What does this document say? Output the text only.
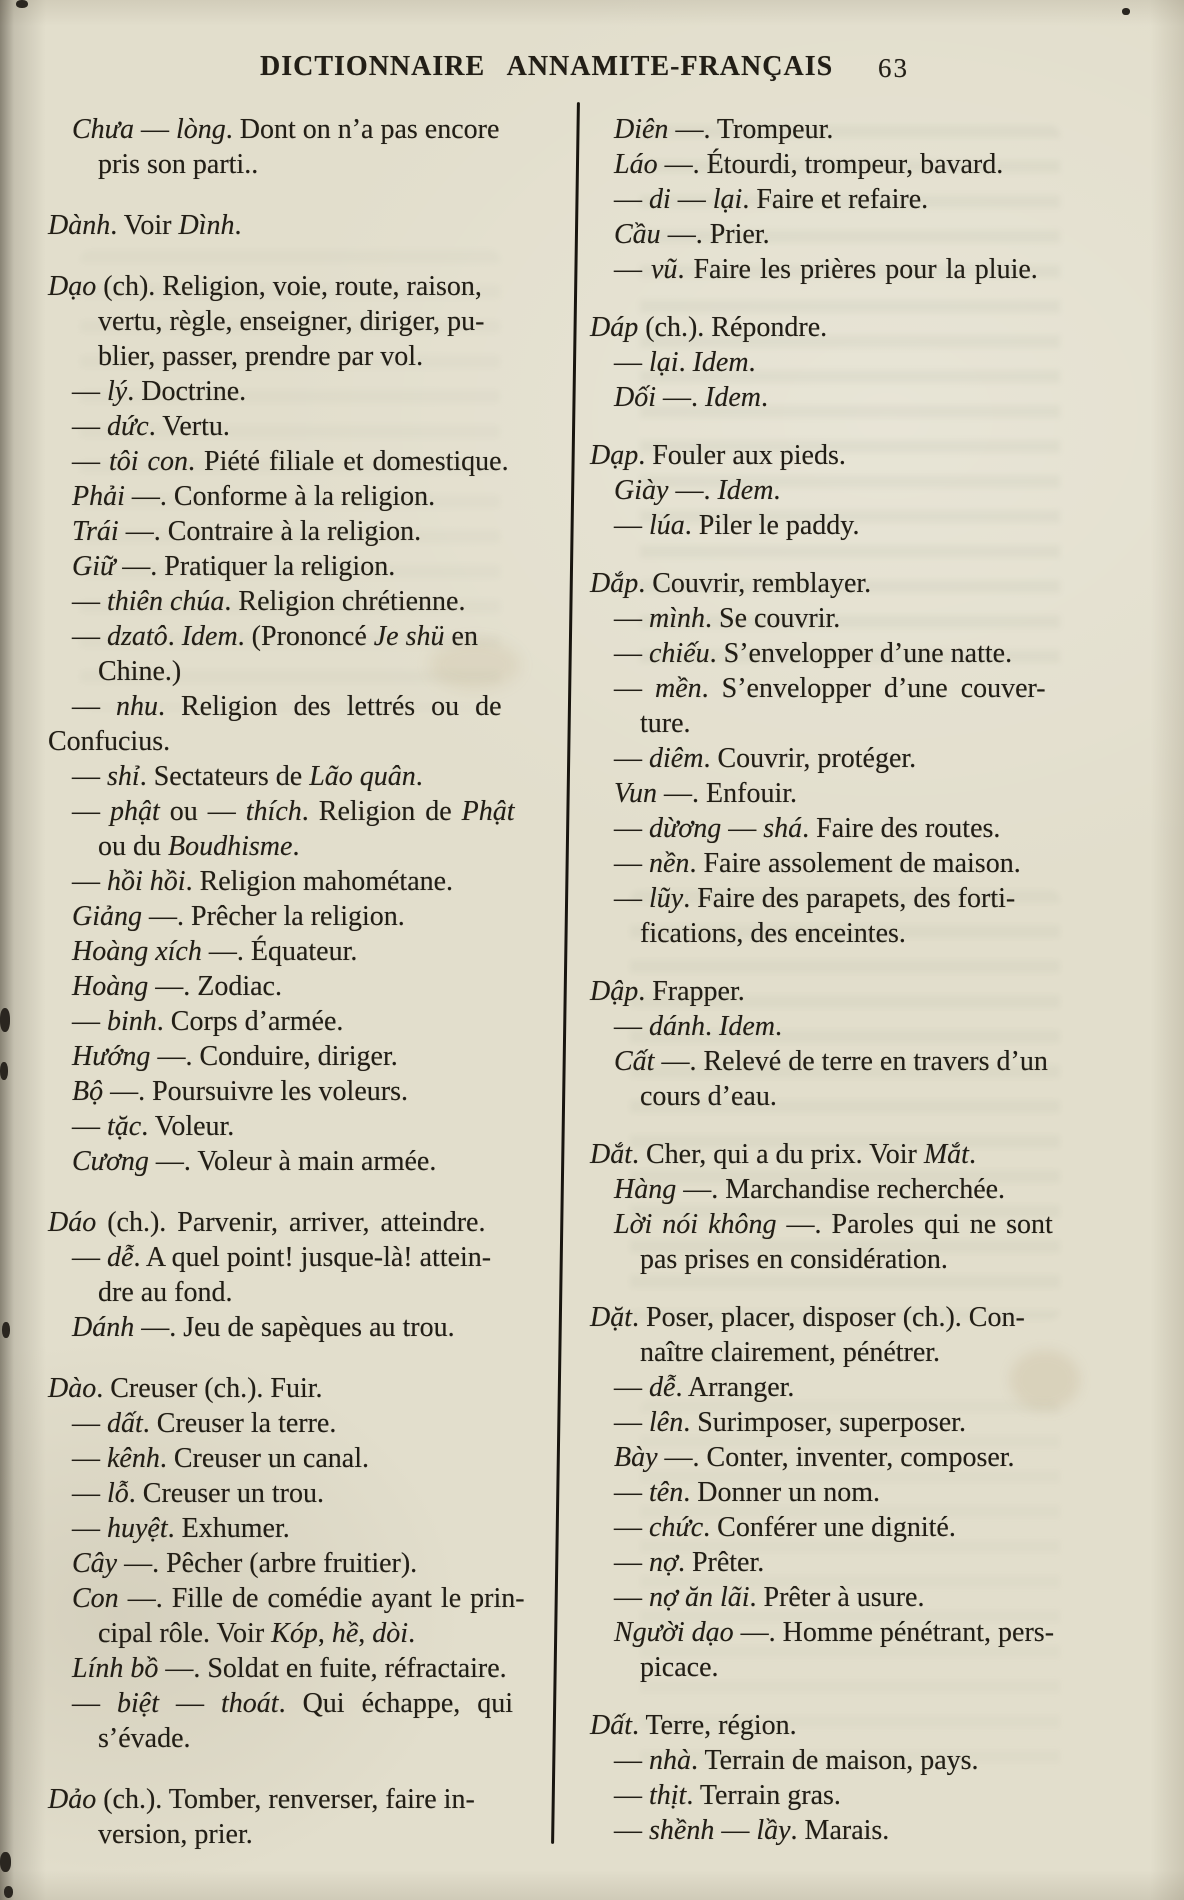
DICTIONNAIRE ANNAMITE-FRANÇAIS 63
Chưa — lòng. Dont on n’a pas encore
pris son parti..
Dành. Voir Dình.
Dạo (ch). Religion, voie, route, raison,
vertu, règle, enseigner, diriger, pu-
blier, passer, prendre par vol.
— lý. Doctrine.
— dức. Vertu.
— tôi con. Piété filiale et domestique.
Phải —. Conforme à la religion.
Trái —. Contraire à la religion.
Giữ —. Pratiquer la religion.
— thiên chúa. Religion chrétienne.
— dzatô. Idem. (Prononcé Je shü en
Chine.)
— nhu. Religion des lettrés ou de
Confucius.
— shỉ. Sectateurs de Lão quân.
— phật ou — thích. Religion de Phật
ou du Boudhisme.
— hồi hồi. Religion mahométane.
Giảng —. Prêcher la religion.
Hoàng xích —. Équateur.
Hoàng —. Zodiac.
— binh. Corps d’armée.
Hướng —. Conduire, diriger.
Bộ —. Poursuivre les voleurs.
— tặc. Voleur.
Cương —. Voleur à main armée.
Dáo (ch.). Parvenir, arriver, atteindre.
— dễ. A quel point! jusque-là! attein-
dre au fond.
Dánh —. Jeu de sapèques au trou.
Dào. Creuser (ch.). Fuir.
— dất. Creuser la terre.
— kênh. Creuser un canal.
— lỗ. Creuser un trou.
— huyệt. Exhumer.
Cây —. Pêcher (arbre fruitier).
Con —. Fille de comédie ayant le prin-
cipal rôle. Voir Kóp, hề, dòi.
Lính bồ —. Soldat en fuite, réfractaire.
— biệt — thoát. Qui échappe, qui
s’évade.
Dảo (ch.). Tomber, renverser, faire in-
version, prier.
Diên —. Trompeur.
Láo —. Étourdi, trompeur, bavard.
— di — lại. Faire et refaire.
Cầu —. Prier.
— vũ. Faire les prières pour la pluie.
Dáp (ch.). Répondre.
— lại. Idem.
Dối —. Idem.
Dạp. Fouler aux pieds.
Giày —. Idem.
— lúa. Piler le paddy.
Dắp. Couvrir, remblayer.
— mình. Se couvrir.
— chiếu. S’envelopper d’une natte.
— mền. S’envelopper d’une couver-
ture.
— diêm. Couvrir, protéger.
Vun —. Enfouir.
— dừơng — shá. Faire des routes.
— nền. Faire assolement de maison.
— lũy. Faire des parapets, des forti-
fications, des enceintes.
Dập. Frapper.
— dánh. Idem.
Cất —. Relevé de terre en travers d’un
cours d’eau.
Dắt. Cher, qui a du prix. Voir Mắt.
Hàng —. Marchandise recherchée.
Lời nói không —. Paroles qui ne sont
pas prises en considération.
Dặt. Poser, placer, disposer (ch.). Con-
naître clairement, pénétrer.
— dễ. Arranger.
— lên. Surimposer, superposer.
Bày —. Conter, inventer, composer.
— tên. Donner un nom.
— chức. Conférer une dignité.
— nợ. Prêter.
— nợ ăn lãi. Prêter à usure.
Người dạo —. Homme pénétrant, pers-
picace.
Dất. Terre, région.
— nhà. Terrain de maison, pays.
— thịt. Terrain gras.
— shềnh — lầy. Marais.
